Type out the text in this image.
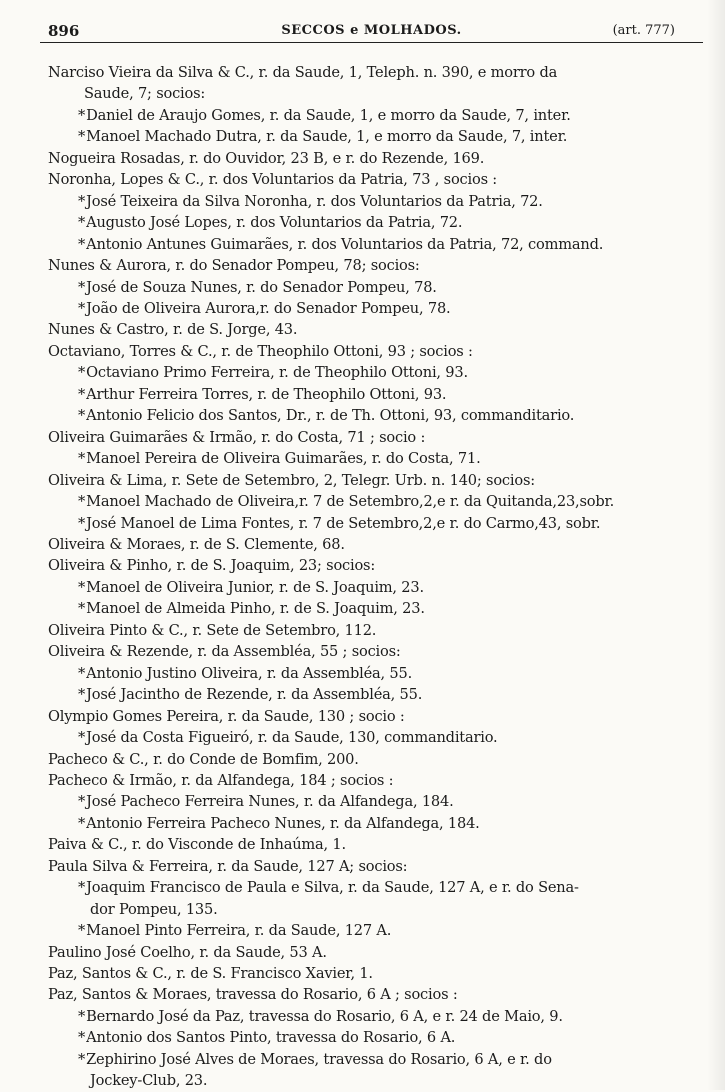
896	SECCOS e MOLHADOS.	(art. 777)
Narciso Vieira da Silva & C., r. da Saude, 1, Teleph. n. 390, e morro da
Saude, 7; socios:
*Daniel de Araujo Gomes, r. da Saude, 1, e morro da Saude, 7, inter.
*Manoel Machado Dutra, r. da Saude, 1, e morro da Saude, 7, inter.
Nogueira Rosadas, r. do Ouvidor, 23 B, e r. do Rezende, 169.
Noronha, Lopes & C., r. dos Voluntarios da Patria, 73 , socios :
*José Teixeira da Silva Noronha, r. dos Voluntarios da Patria, 72.
*Augusto José Lopes, r. dos Voluntarios da Patria, 72.
*Antonio Antunes Guimarães, r. dos Voluntarios da Patria, 72, command.
Nunes & Aurora, r. do Senador Pompeu, 78; socios:
*José de Souza Nunes, r. do Senador Pompeu, 78.
*João de Oliveira Aurora,r. do Senador Pompeu, 78.
Nunes & Castro, r. de S. Jorge, 43.
Octaviano, Torres & C., r. de Theophilo Ottoni, 93 ; socios :
*Octaviano Primo Ferreira, r. de Theophilo Ottoni, 93.
*Arthur Ferreira Torres, r. de Theophilo Ottoni, 93.
*Antonio Felicio dos Santos, Dr., r. de Th. Ottoni, 93, commanditario.
Oliveira Guimarães & Irmão, r. do Costa, 71 ; socio :
*Manoel Pereira de Oliveira Guimarães, r. do Costa, 71.
Oliveira & Lima, r. Sete de Setembro, 2, Telegr. Urb. n. 140; socios:
*Manoel Machado de Oliveira,r. 7 de Setembro,2,e r. da Quitanda,23,sobr.
*José Manoel de Lima Fontes, r. 7 de Setembro,2,e r. do Carmo,43, sobr.
Oliveira & Moraes, r. de S. Clemente, 68.
Oliveira & Pinho, r. de S. Joaquim, 23; socios:
*Manoel de Oliveira Junior, r. de S. Joaquim, 23.
*Manoel de Almeida Pinho, r. de S. Joaquim, 23.
Oliveira Pinto & C., r. Sete de Setembro, 112.
Oliveira & Rezende, r. da Assembléa, 55 ; socios:
*Antonio Justino Oliveira, r. da Assembléa, 55.
*José Jacintho de Rezende, r. da Assembléa, 55.
Olympio Gomes Pereira, r. da Saude, 130 ; socio :
*José da Costa Figueiró, r. da Saude, 130, commanditario.
Pacheco & C., r. do Conde de Bomfim, 200.
Pacheco & Irmão, r. da Alfandega, 184 ; socios :
*José Pacheco Ferreira Nunes, r. da Alfandega, 184.
*Antonio Ferreira Pacheco Nunes, r. da Alfandega, 184.
Paiva & C., r. do Visconde de Inhaúma, 1.
Paula Silva & Ferreira, r. da Saude, 127 A; socios:
*Joaquim Francisco de Paula e Silva, r. da Saude, 127 A, e r. do Sena-
dor Pompeu, 135.
*Manoel Pinto Ferreira, r. da Saude, 127 A.
Paulino José Coelho, r. da Saude, 53 A.
Paz, Santos & C., r. de S. Francisco Xavier, 1.
Paz, Santos & Moraes, travessa do Rosario, 6 A ; socios :
*Bernardo José da Paz, travessa do Rosario, 6 A, e r. 24 de Maio, 9.
*Antonio dos Santos Pinto, travessa do Rosario, 6 A.
*Zephirino José Alves de Moraes, travessa do Rosario, 6 A, e r. do
Jockey-Club, 23.
